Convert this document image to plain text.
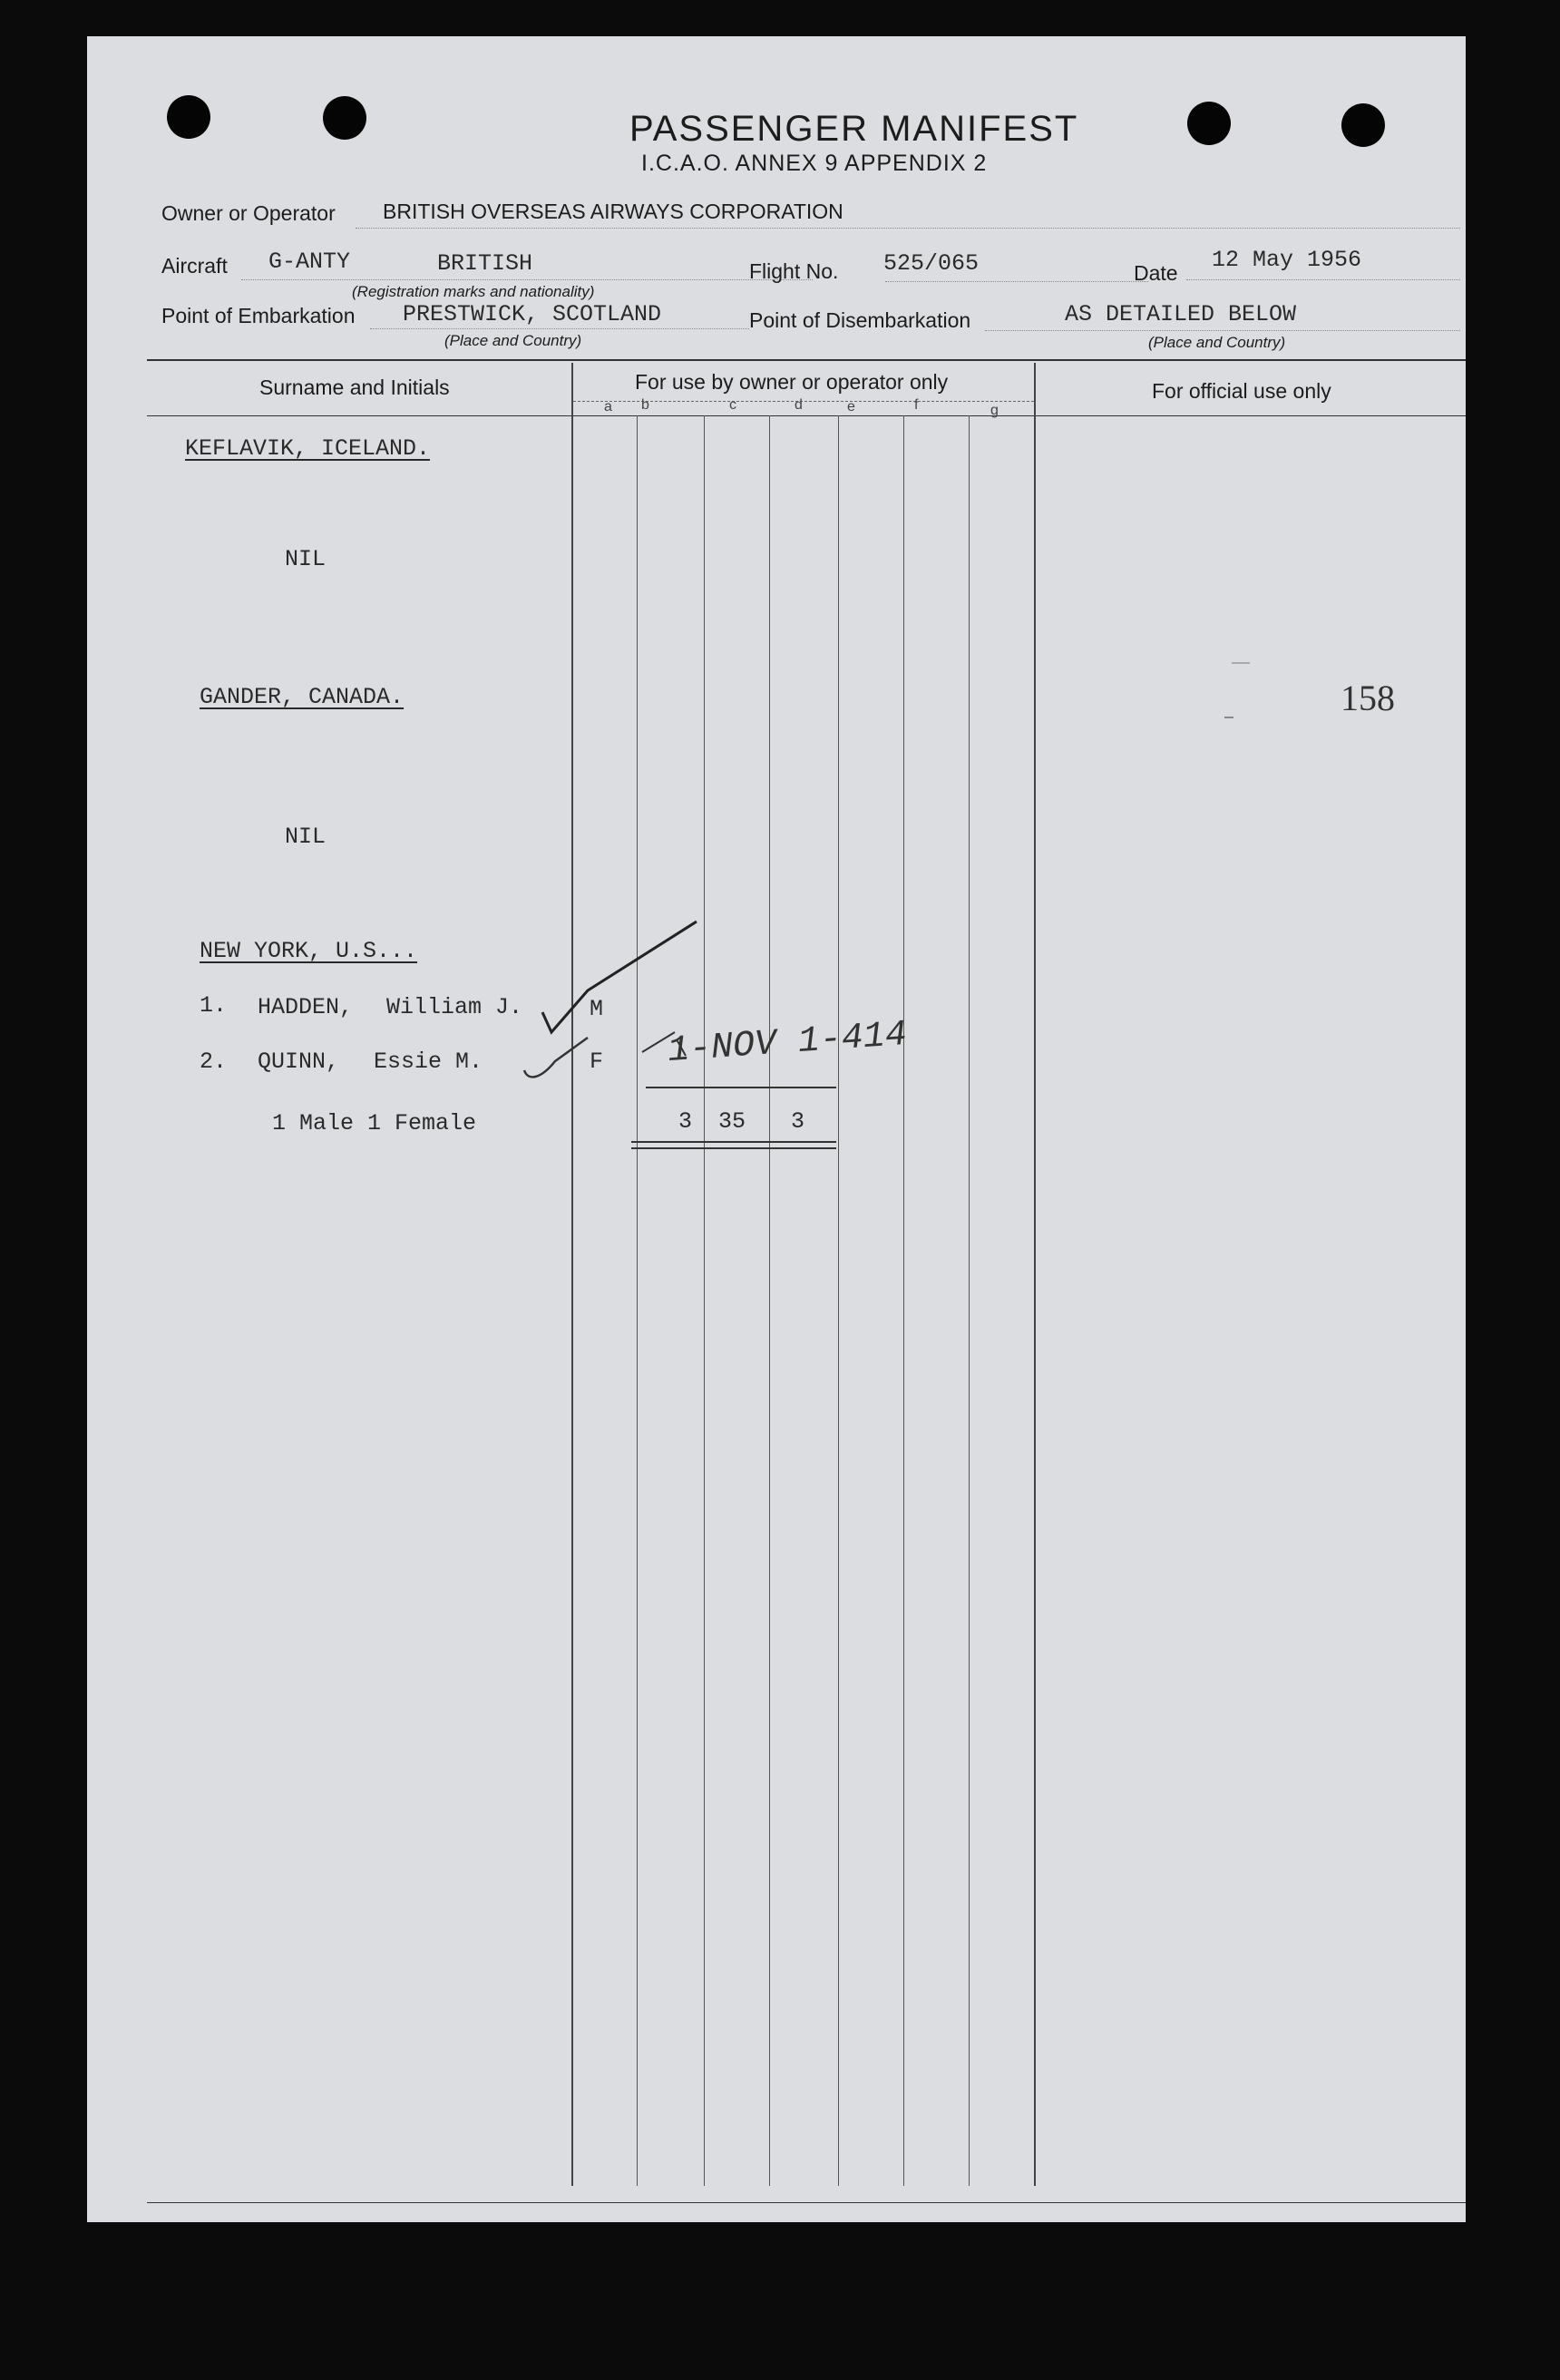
PASSENGER MANIFEST
I.C.A.O. ANNEX 9 APPENDIX 2
Owner or Operator BRITISH OVERSEAS AIRWAYS CORPORATION
Aircraft G-ANTY	BRITISH
(Registration marks and nationality)
Flight No. 525/065	Date 12 May 1956
Point of Embarkation PRESTWICK, SCOTLAND
(Place and Country)
Point of Disembarkation	AS DETAILED BELOW
(Place and Country)
Surname and Initials	For use by owner or operator only	For official use only
a b	c	d	e	f	g
KEFLAVIK, ICELAND.
NIL
GANDER, CANADA.
NIL
158
NEW YORK, U.S...
1. HADDEN, William J.	M
2. QUINN, Essie M.	F 1-NOV 1-414
1 Male 1 Female	3 35 3
